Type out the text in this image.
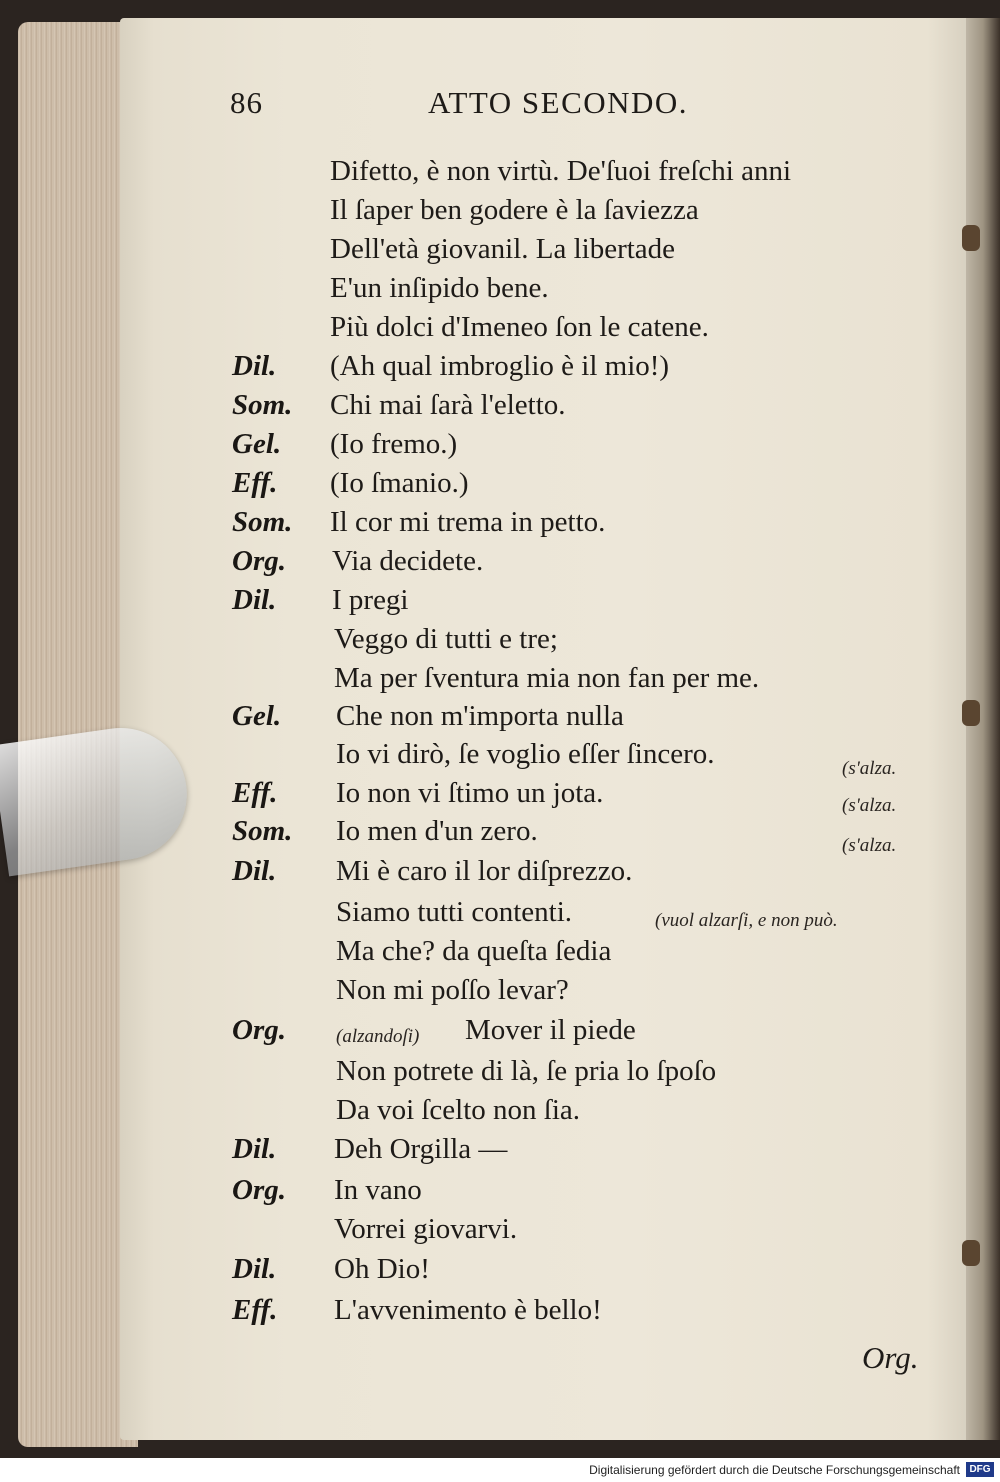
86	ATTO SECONDO.
Difetto, è non virtù. De'ſuoi freſchi anni
Il ſaper ben godere è la ſaviezza
Dell'età giovanil. La libertade
E'un inſipido bene.
Più dolci d'Imeneo ſon le catene.
Dil. (Ah qual imbroglio è il mio!)
Som. Chi mai ſarà l'eletto.
Gel. (Io fremo.)
Eff. (Io ſmanio.)
Som. Il cor mi trema in petto.
Org. Via decidete.
Dil. I pregi
Veggo di tutti e tre;
Ma per ſventura mia non fan per me.
Gel. Che non m'importa nulla
Io vi dirò, ſe voglio eſſer ſincero.	(s'alza.
Eff. Io non vi ſtimo un jota.	(s'alza.
Som. Io men d'un zero.	(s'alza.
Dil. Mi è caro il lor diſprezzo.
Siamo tutti contenti.	(vuol alzarſi, e non può.
Ma che? da queſta ſedia
Non mi poſſo levar?
Org.	(alzandoſi) Mover il piede
Non potrete di là, ſe pria lo ſpoſo
Da voi ſcelto non ſia.
Dil. Deh Orgilla —
Org. In vano
Vorrei giovarvi.
Dil. Oh Dio!
Eff. L'avvenimento è bello!
Org.
Digitalisierung gefördert durch die Deutsche Forschungsgemeinschaft DFG
